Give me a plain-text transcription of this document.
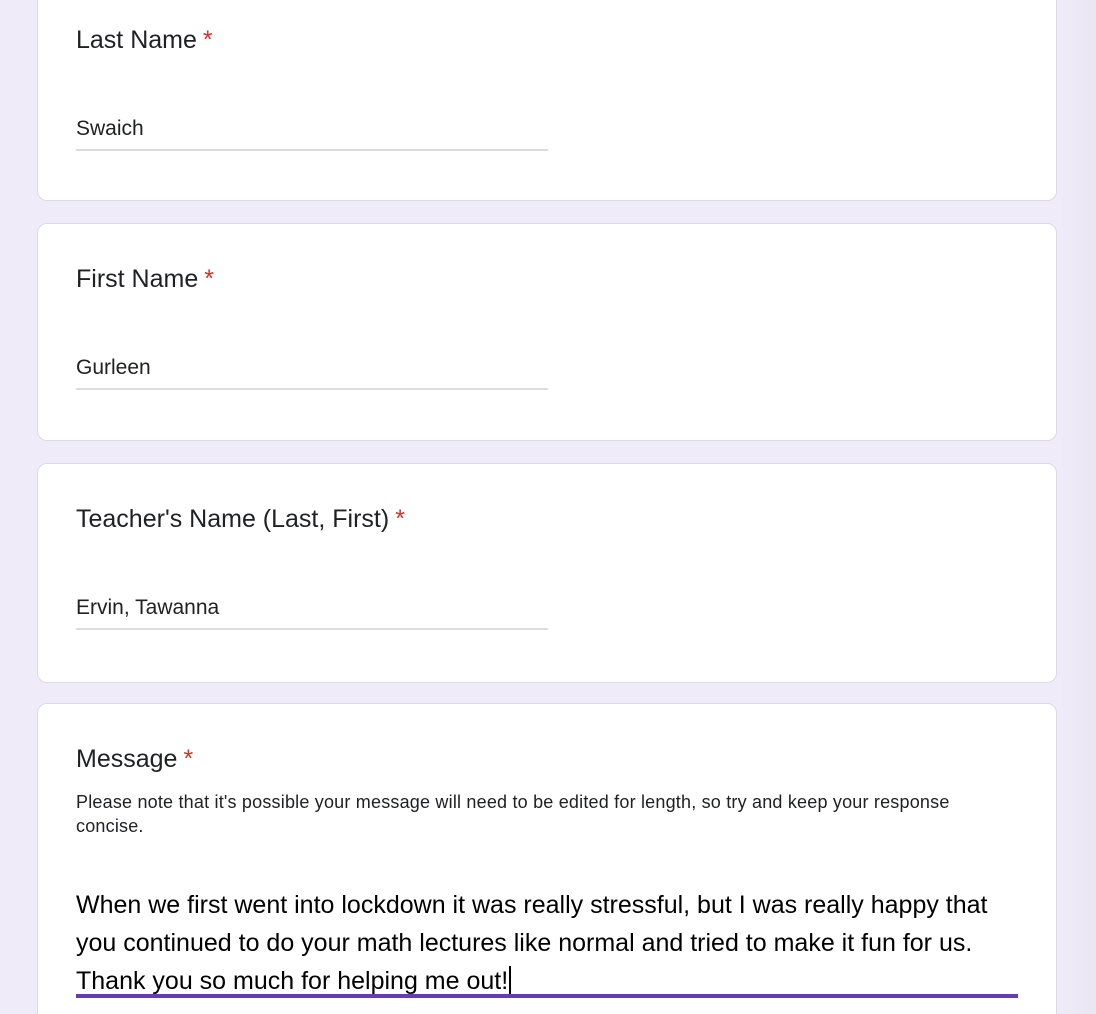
Last Name *
Swaich
First Name *
Gurleen
Teacher's Name (Last, First) *
Ervin, Tawanna
Message *
Please note that it's possible your message will need to be edited for length, so try and keep your response concise.
When we first went into lockdown it was really stressful, but I was really happy that you continued to do your math lectures like normal and tried to make it fun for us. Thank you so much for helping me out!
